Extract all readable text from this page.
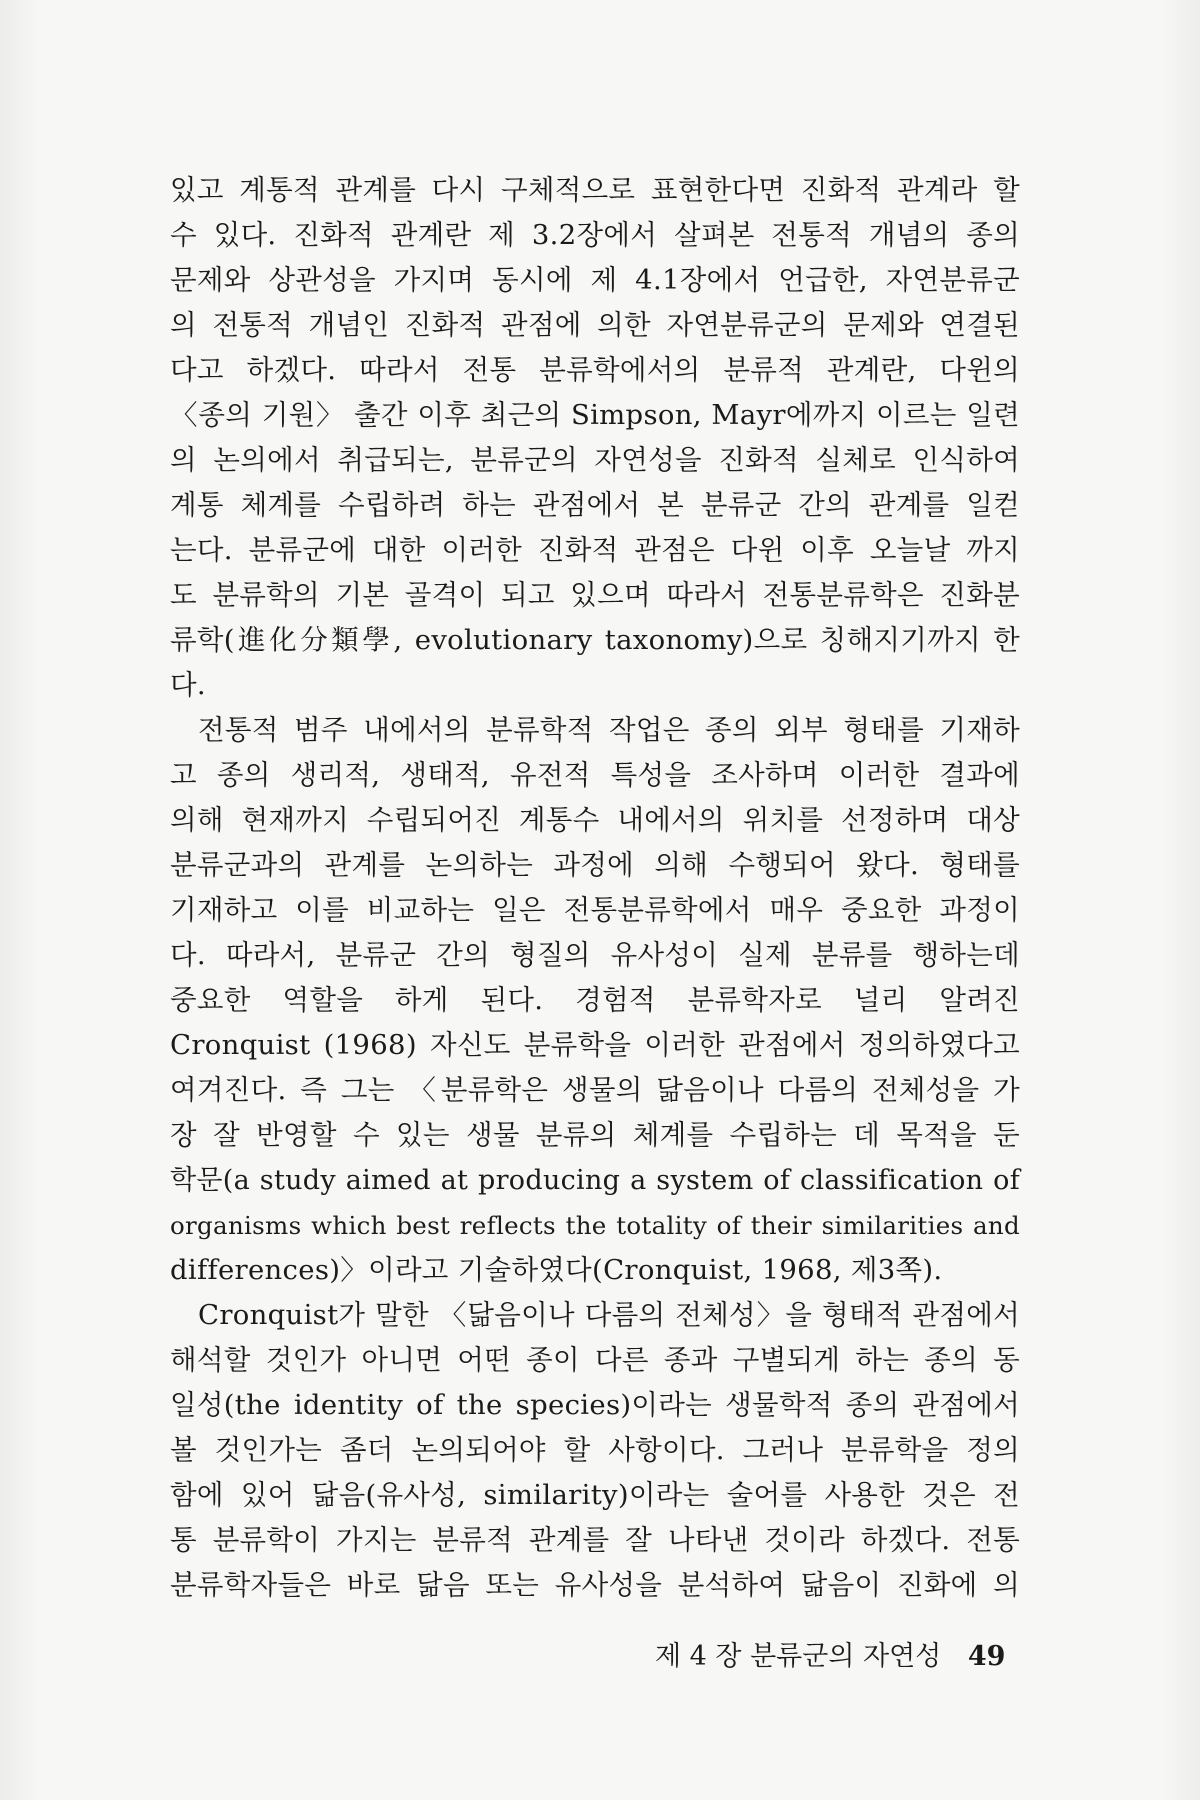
있고 계통적 관계를 다시 구체적으로 표현한다면 진화적 관계라 할
수 있다. 진화적 관계란 제 3.2장에서 살펴본 전통적 개념의 종의
문제와 상관성을 가지며 동시에 제 4.1장에서 언급한, 자연분류군
의 전통적 개념인 진화적 관점에 의한 자연분류군의 문제와 연결된
다고 하겠다. 따라서 전통 분류학에서의 분류적 관계란, 다윈의
〈종의 기원〉 출간 이후 최근의 Simpson, Mayr에까지 이르는 일련
의 논의에서 취급되는, 분류군의 자연성을 진화적 실체로 인식하여
계통 체계를 수립하려 하는 관점에서 본 분류군 간의 관계를 일컫
는다. 분류군에 대한 이러한 진화적 관점은 다윈 이후 오늘날 까지
도 분류학의 기본 골격이 되고 있으며 따라서 전통분류학은 진화분
류학(進化分類學, evolutionary taxonomy)으로 칭해지기까지 한
다.
전통적 범주 내에서의 분류학적 작업은 종의 외부 형태를 기재하
고 종의 생리적, 생태적, 유전적 특성을 조사하며 이러한 결과에
의해 현재까지 수립되어진 계통수 내에서의 위치를 선정하며 대상
분류군과의 관계를 논의하는 과정에 의해 수행되어 왔다. 형태를
기재하고 이를 비교하는 일은 전통분류학에서 매우 중요한 과정이
다. 따라서, 분류군 간의 형질의 유사성이 실제 분류를 행하는데
중요한 역할을 하게 된다. 경험적 분류학자로 널리 알려진
Cronquist (1968) 자신도 분류학을 이러한 관점에서 정의하였다고
여겨진다. 즉 그는 〈분류학은 생물의 닮음이나 다름의 전체성을 가
장 잘 반영할 수 있는 생물 분류의 체계를 수립하는 데 목적을 둔
학문(a study aimed at producing a system of classification of
organisms which best reflects the totality of their similarities and
differences)〉이라고 기술하였다(Cronquist, 1968, 제3쪽).
Cronquist가 말한 〈닮음이나 다름의 전체성〉을 형태적 관점에서
해석할 것인가 아니면 어떤 종이 다른 종과 구별되게 하는 종의 동
일성(the identity of the species)이라는 생물학적 종의 관점에서
볼 것인가는 좀더 논의되어야 할 사항이다. 그러나 분류학을 정의
함에 있어 닮음(유사성, similarity)이라는 술어를 사용한 것은 전
통 분류학이 가지는 분류적 관계를 잘 나타낸 것이라 하겠다. 전통
분류학자들은 바로 닮음 또는 유사성을 분석하여 닮음이 진화에 의
제 4 장 분류군의 자연성 49
